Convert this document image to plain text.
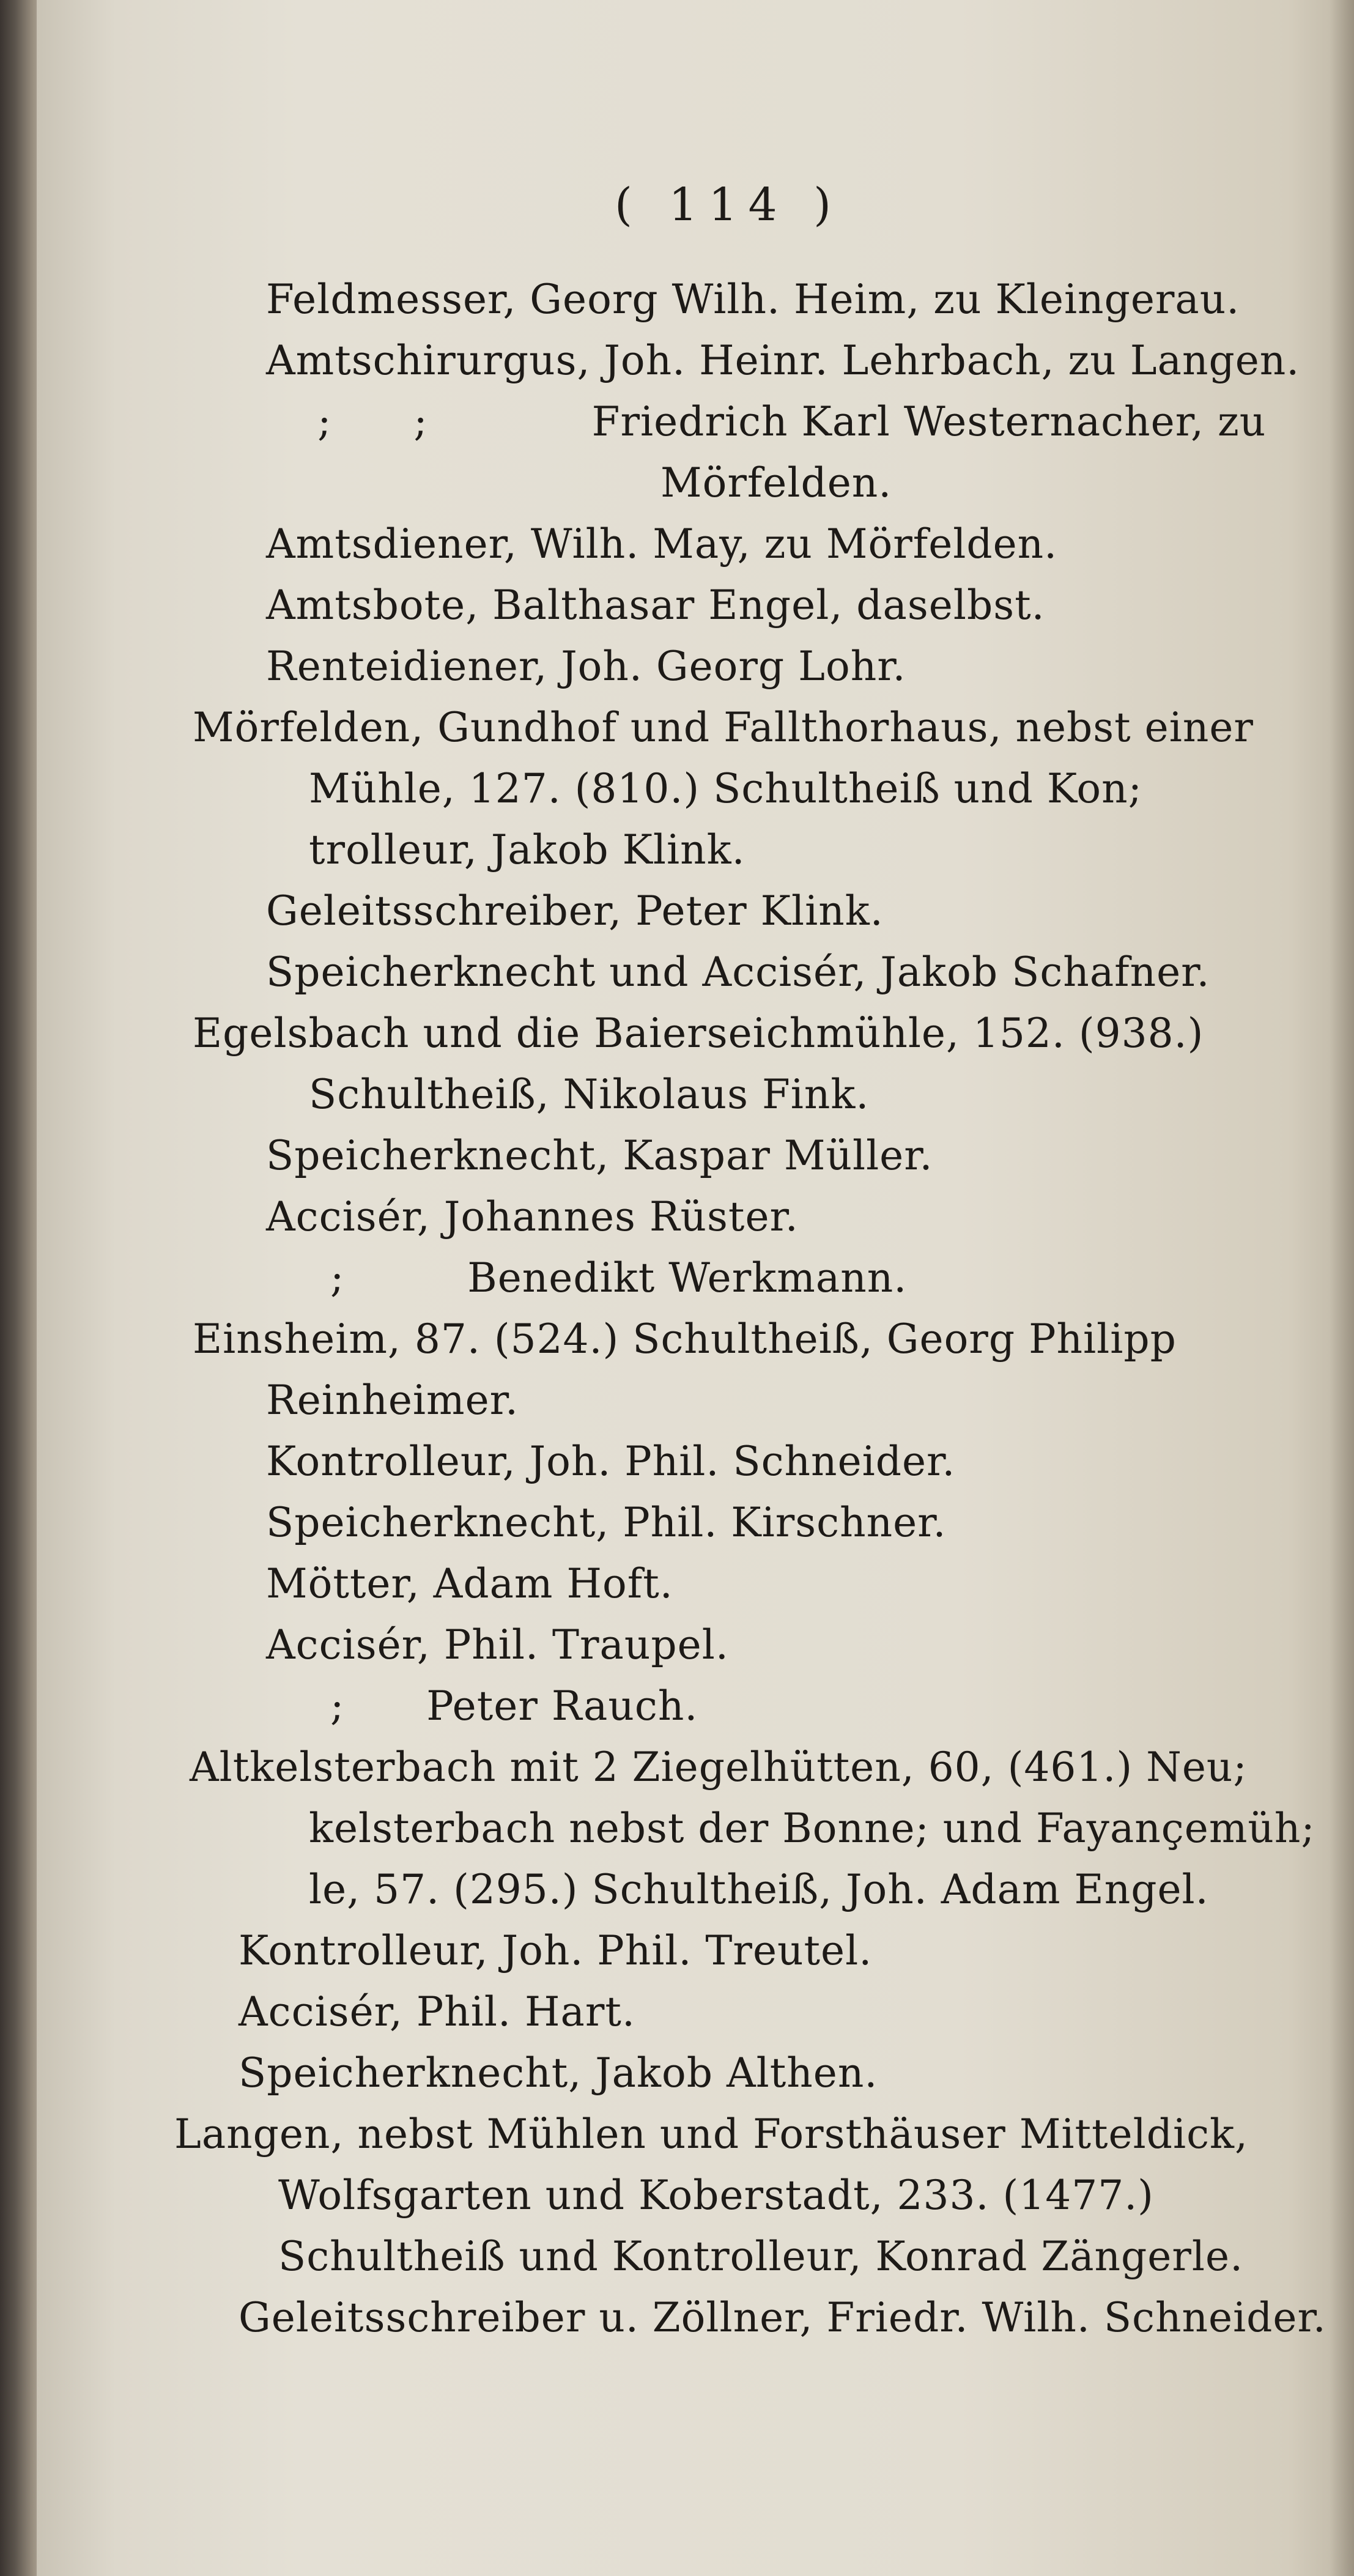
( 114 )
Feldmesser, Georg Wilh. Heim, zu Kleingerau.
Amtschirurgus, Joh. Heinr. Lehrbach, zu Langen.
 ;  ;    Friedrich Karl Westernacher, zu
Mörfelden.
Amtsdiener, Wilh. May, zu Mörfelden.
Amtsbote, Balthasar Engel, daselbst.
Renteidiener, Joh. Georg Lohr.
Mörfelden, Gundhof und Fallthorhaus, nebst einer
Mühle, 127. (810.) Schultheiß und Kon;
trolleur, Jakob Klink.
Geleitsschreiber, Peter Klink.
Speicherknecht und Accisér, Jakob Schafner.
Egelsbach und die Baierseichmühle, 152. (938.)
Schultheiß, Nikolaus Fink.
Speicherknecht, Kaspar Müller.
Accisér, Johannes Rüster.
;   Benedikt Werkmann.
Einsheim, 87. (524.) Schultheiß, Georg Philipp
Reinheimer.
Kontrolleur, Joh. Phil. Schneider.
Speicherknecht, Phil. Kirschner.
Mötter, Adam Hoft.
Accisér, Phil. Traupel.
;  Peter Rauch.
Altkelsterbach mit 2 Ziegelhütten, 60, (461.) Neu;
kelsterbach nebst der Bonne; und Fayançemüh;
le, 57. (295.) Schultheiß, Joh. Adam Engel.
Kontrolleur, Joh. Phil. Treutel.
Accisér, Phil. Hart.
Speicherknecht, Jakob Althen.
Langen, nebst Mühlen und Forsthäuser Mitteldick,
Wolfsgarten und Koberstadt, 233. (1477.)
Schultheiß und Kontrolleur, Konrad Zängerle.
Geleitsschreiber u. Zöllner, Friedr. Wilh. Schneider.
